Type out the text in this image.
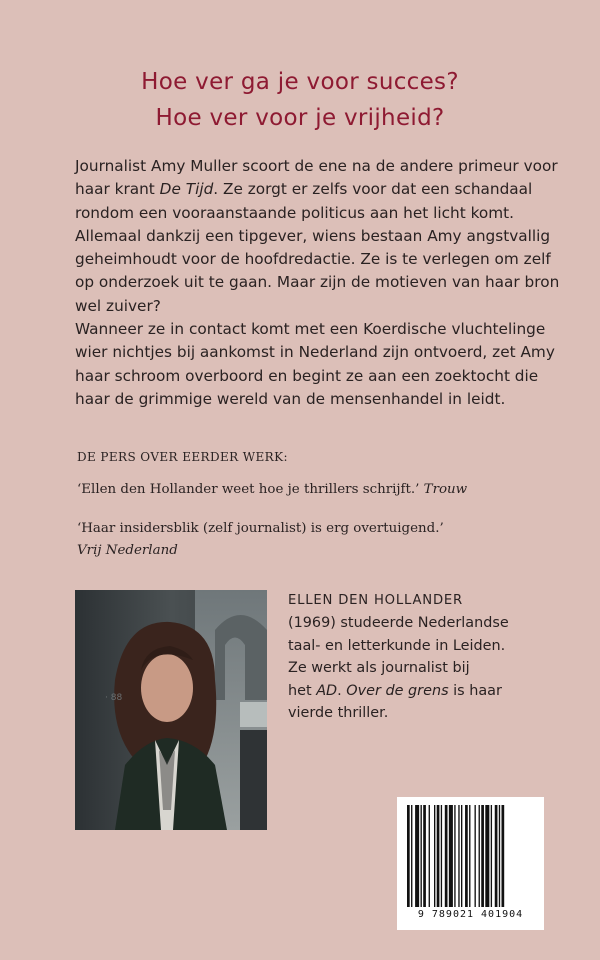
Hoe ver ga je voor succes?
Hoe ver voor je vrijheid?
Journalist Amy Muller scoort de ene na de andere primeur voor
haar krant De Tijd. Ze zorgt er zelfs voor dat een schandaal
rondom een vooraanstaande politicus aan het licht komt.
Allemaal dankzij een tipgever, wiens bestaan Amy angstvallig
geheimhoudt voor de hoofdredactie. Ze is te verlegen om zelf
op onderzoek uit te gaan. Maar zijn de motieven van haar bron
wel zuiver?
Wanneer ze in contact komt met een Koerdische vluchtelinge
wier nichtjes bij aankomst in Nederland zijn ontvoerd, zet Amy
haar schroom overboord en begint ze aan een zoektocht die
haar de grimmige wereld van de mensenhandel in leidt.
DE PERS OVER EERDER WERK:
‘Ellen den Hollander weet hoe je thrillers schrijft.’ Trouw
‘Haar insidersblik (zelf journalist) is erg overtuigend.’
Vrij Nederland
· 88
ELLEN DEN HOLLANDER
(1969) studeerde Nederlandse
taal- en letterkunde in Leiden.
Ze werkt als journalist bij
het AD. Over de grens is haar
vierde thriller.
9 789021 401904
